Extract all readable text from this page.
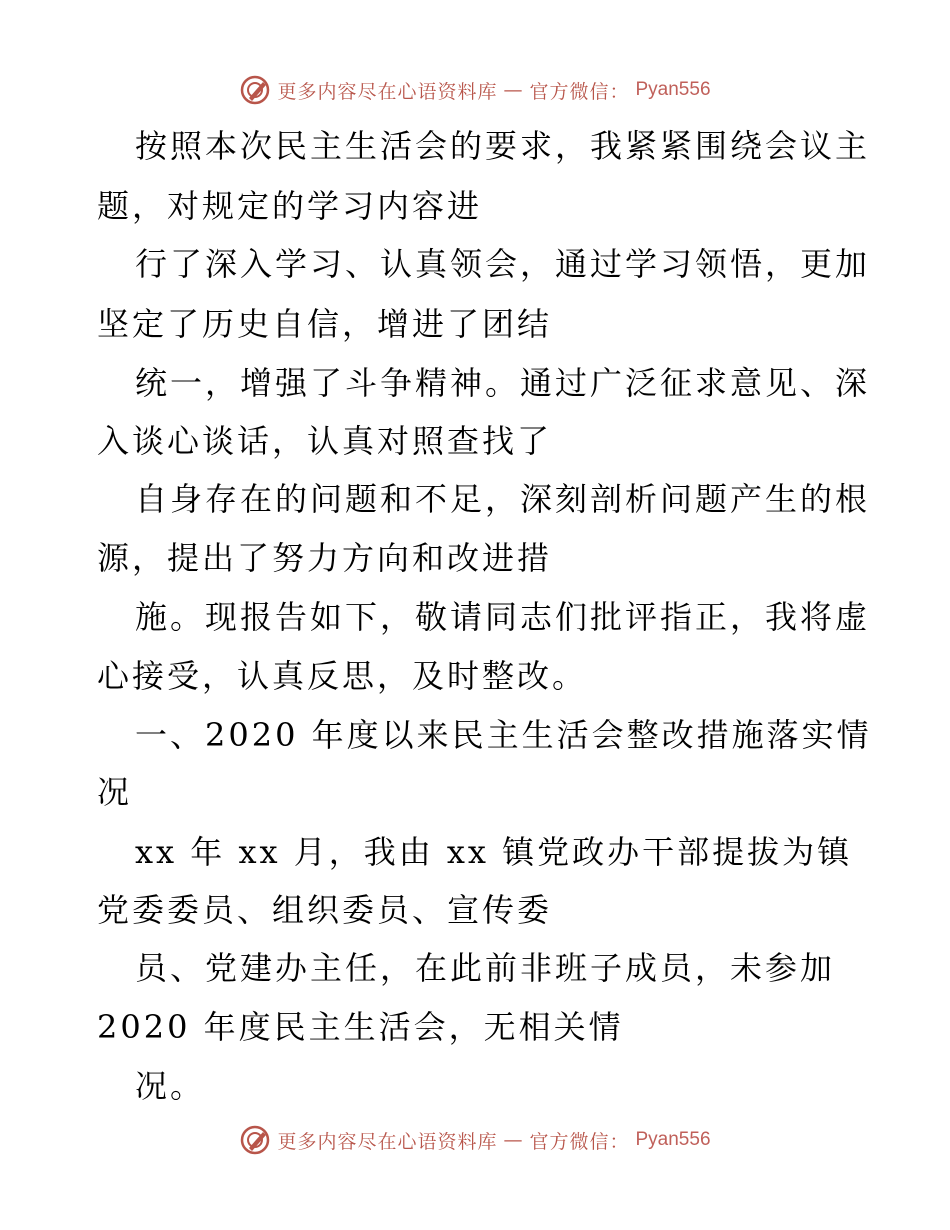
更多内容尽在心语资料库 — 官方微信： Pyan556
按照本次民主生活会的要求，我紧紧围绕会议主
题，对规定的学习内容进
行了深入学习、认真领会，通过学习领悟，更加
坚定了历史自信，增进了团结
统一，增强了斗争精神。通过广泛征求意见、深
入谈心谈话，认真对照查找了
自身存在的问题和不足，深刻剖析问题产生的根
源，提出了努力方向和改进措
施。现报告如下，敬请同志们批评指正，我将虚
心接受，认真反思，及时整改。
一、2020 年度以来民主生活会整改措施落实情
况
xx 年 xx 月，我由 xx 镇党政办干部提拔为镇
党委委员、组织委员、宣传委
员、党建办主任，在此前非班子成员，未参加
2020 年度民主生活会，无相关情
况。
更多内容尽在心语资料库 — 官方微信： Pyan556
